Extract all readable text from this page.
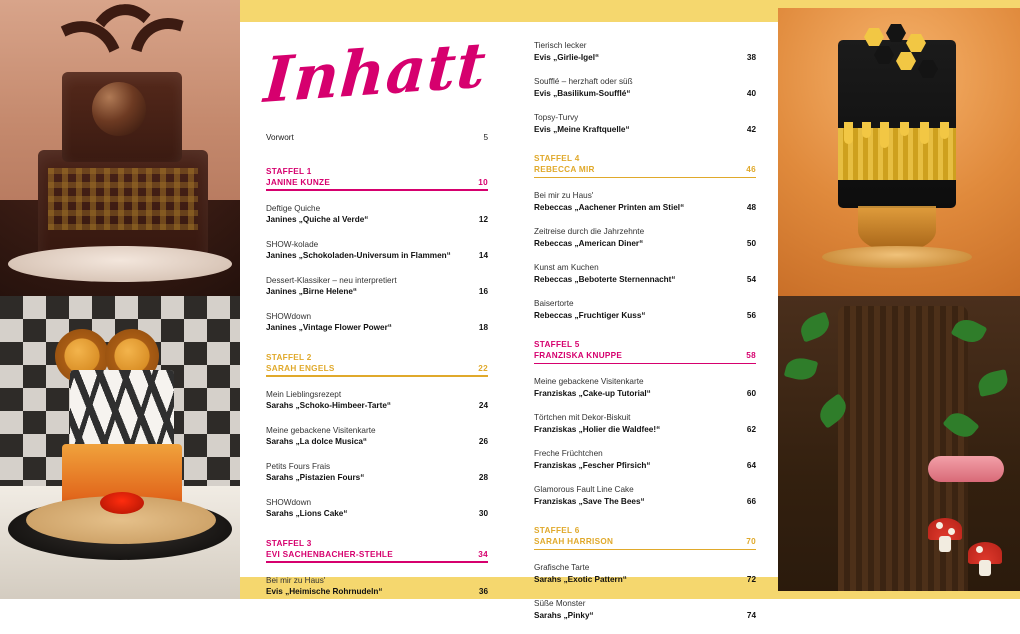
Inhatt
Vorwort	5
STAFFEL 1
JANINE KUNZE	10
Deftige Quiche
Janines „Quiche al Verde“	12
SHOW-kolade
Janines „Schokoladen-Universum in Flammen“	14
Dessert-Klassiker – neu interpretiert
Janines „Birne Helene“	16
SHOWdown
Janines „Vintage Flower Power“	18
STAFFEL 2
SARAH ENGELS	22
Mein Lieblingsrezept
Sarahs „Schoko-Himbeer-Tarte“	24
Meine gebackene Visitenkarte
Sarahs „La dolce Musica“	26
Petits Fours Frais
Sarahs „Pistazien Fours“	28
SHOWdown
Sarahs „Lions Cake“	30
STAFFEL 3
EVI SACHENBACHER-STEHLE	34
Bei mir zu Haus'
Evis „Heimische Rohrnudeln“	36
Tierisch lecker
Evis „Girlie-Igel“	38
Soufflé – herzhaft oder süß
Evis „Basilikum-Soufflé“	40
Topsy-Turvy
Evis „Meine Kraftquelle“	42
STAFFEL 4
REBECCA MIR	46
Bei mir zu Haus'
Rebeccas „Aachener Printen am Stiel“	48
Zeitreise durch die Jahrzehnte
Rebeccas „American Diner“	50
Kunst am Kuchen
Rebeccas „Beboterte Sternennacht“	54
Baisertorte
Rebeccas „Fruchtiger Kuss“	56
STAFFEL 5
FRANZISKA KNUPPE	58
Meine gebackene Visitenkarte
Franziskas „Cake-up Tutorial“	60
Törtchen mit Dekor-Biskuit
Franziskas „Holier die Waldfee!“	62
Freche Früchtchen
Franziskas „Fescher Pfirsich“	64
Glamorous Fault Line Cake
Franziskas „Save The Bees“	66
STAFFEL 6
SARAH HARRISON	70
Grafische Tarte
Sarahs „Exotic Pattern“	72
Süße Monster
Sarahs „Pinky“	74
